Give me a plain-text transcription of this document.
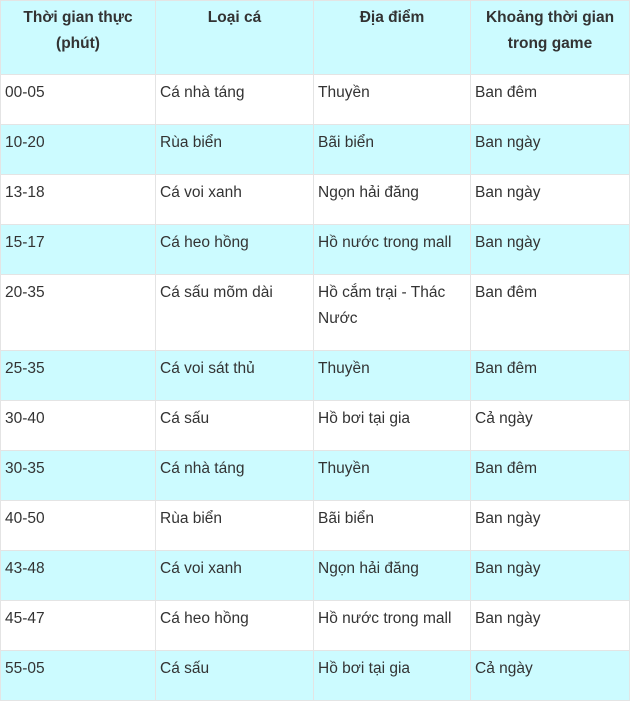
Thời gian thực (phút)	Loại cá	Địa điểm	Khoảng thời gian trong game
00-05	Cá nhà táng	Thuyền	Ban đêm
10-20	Rùa biển	Bãi biển	Ban ngày
13-18	Cá voi xanh	Ngọn hải đăng	Ban ngày
15-17	Cá heo hồng	Hồ nước trong mall	Ban ngày
20-35	Cá sấu mõm dài	Hồ cắm trại - Thác Nước	Ban đêm
25-35	Cá voi sát thủ	Thuyền	Ban đêm
30-40	Cá sấu	Hồ bơi tại gia	Cả ngày
30-35	Cá nhà táng	Thuyền	Ban đêm
40-50	Rùa biển	Bãi biển	Ban ngày
43-48	Cá voi xanh	Ngọn hải đăng	Ban ngày
45-47	Cá heo hồng	Hồ nước trong mall	Ban ngày
55-05	Cá sấu	Hồ bơi tại gia	Cả ngày
